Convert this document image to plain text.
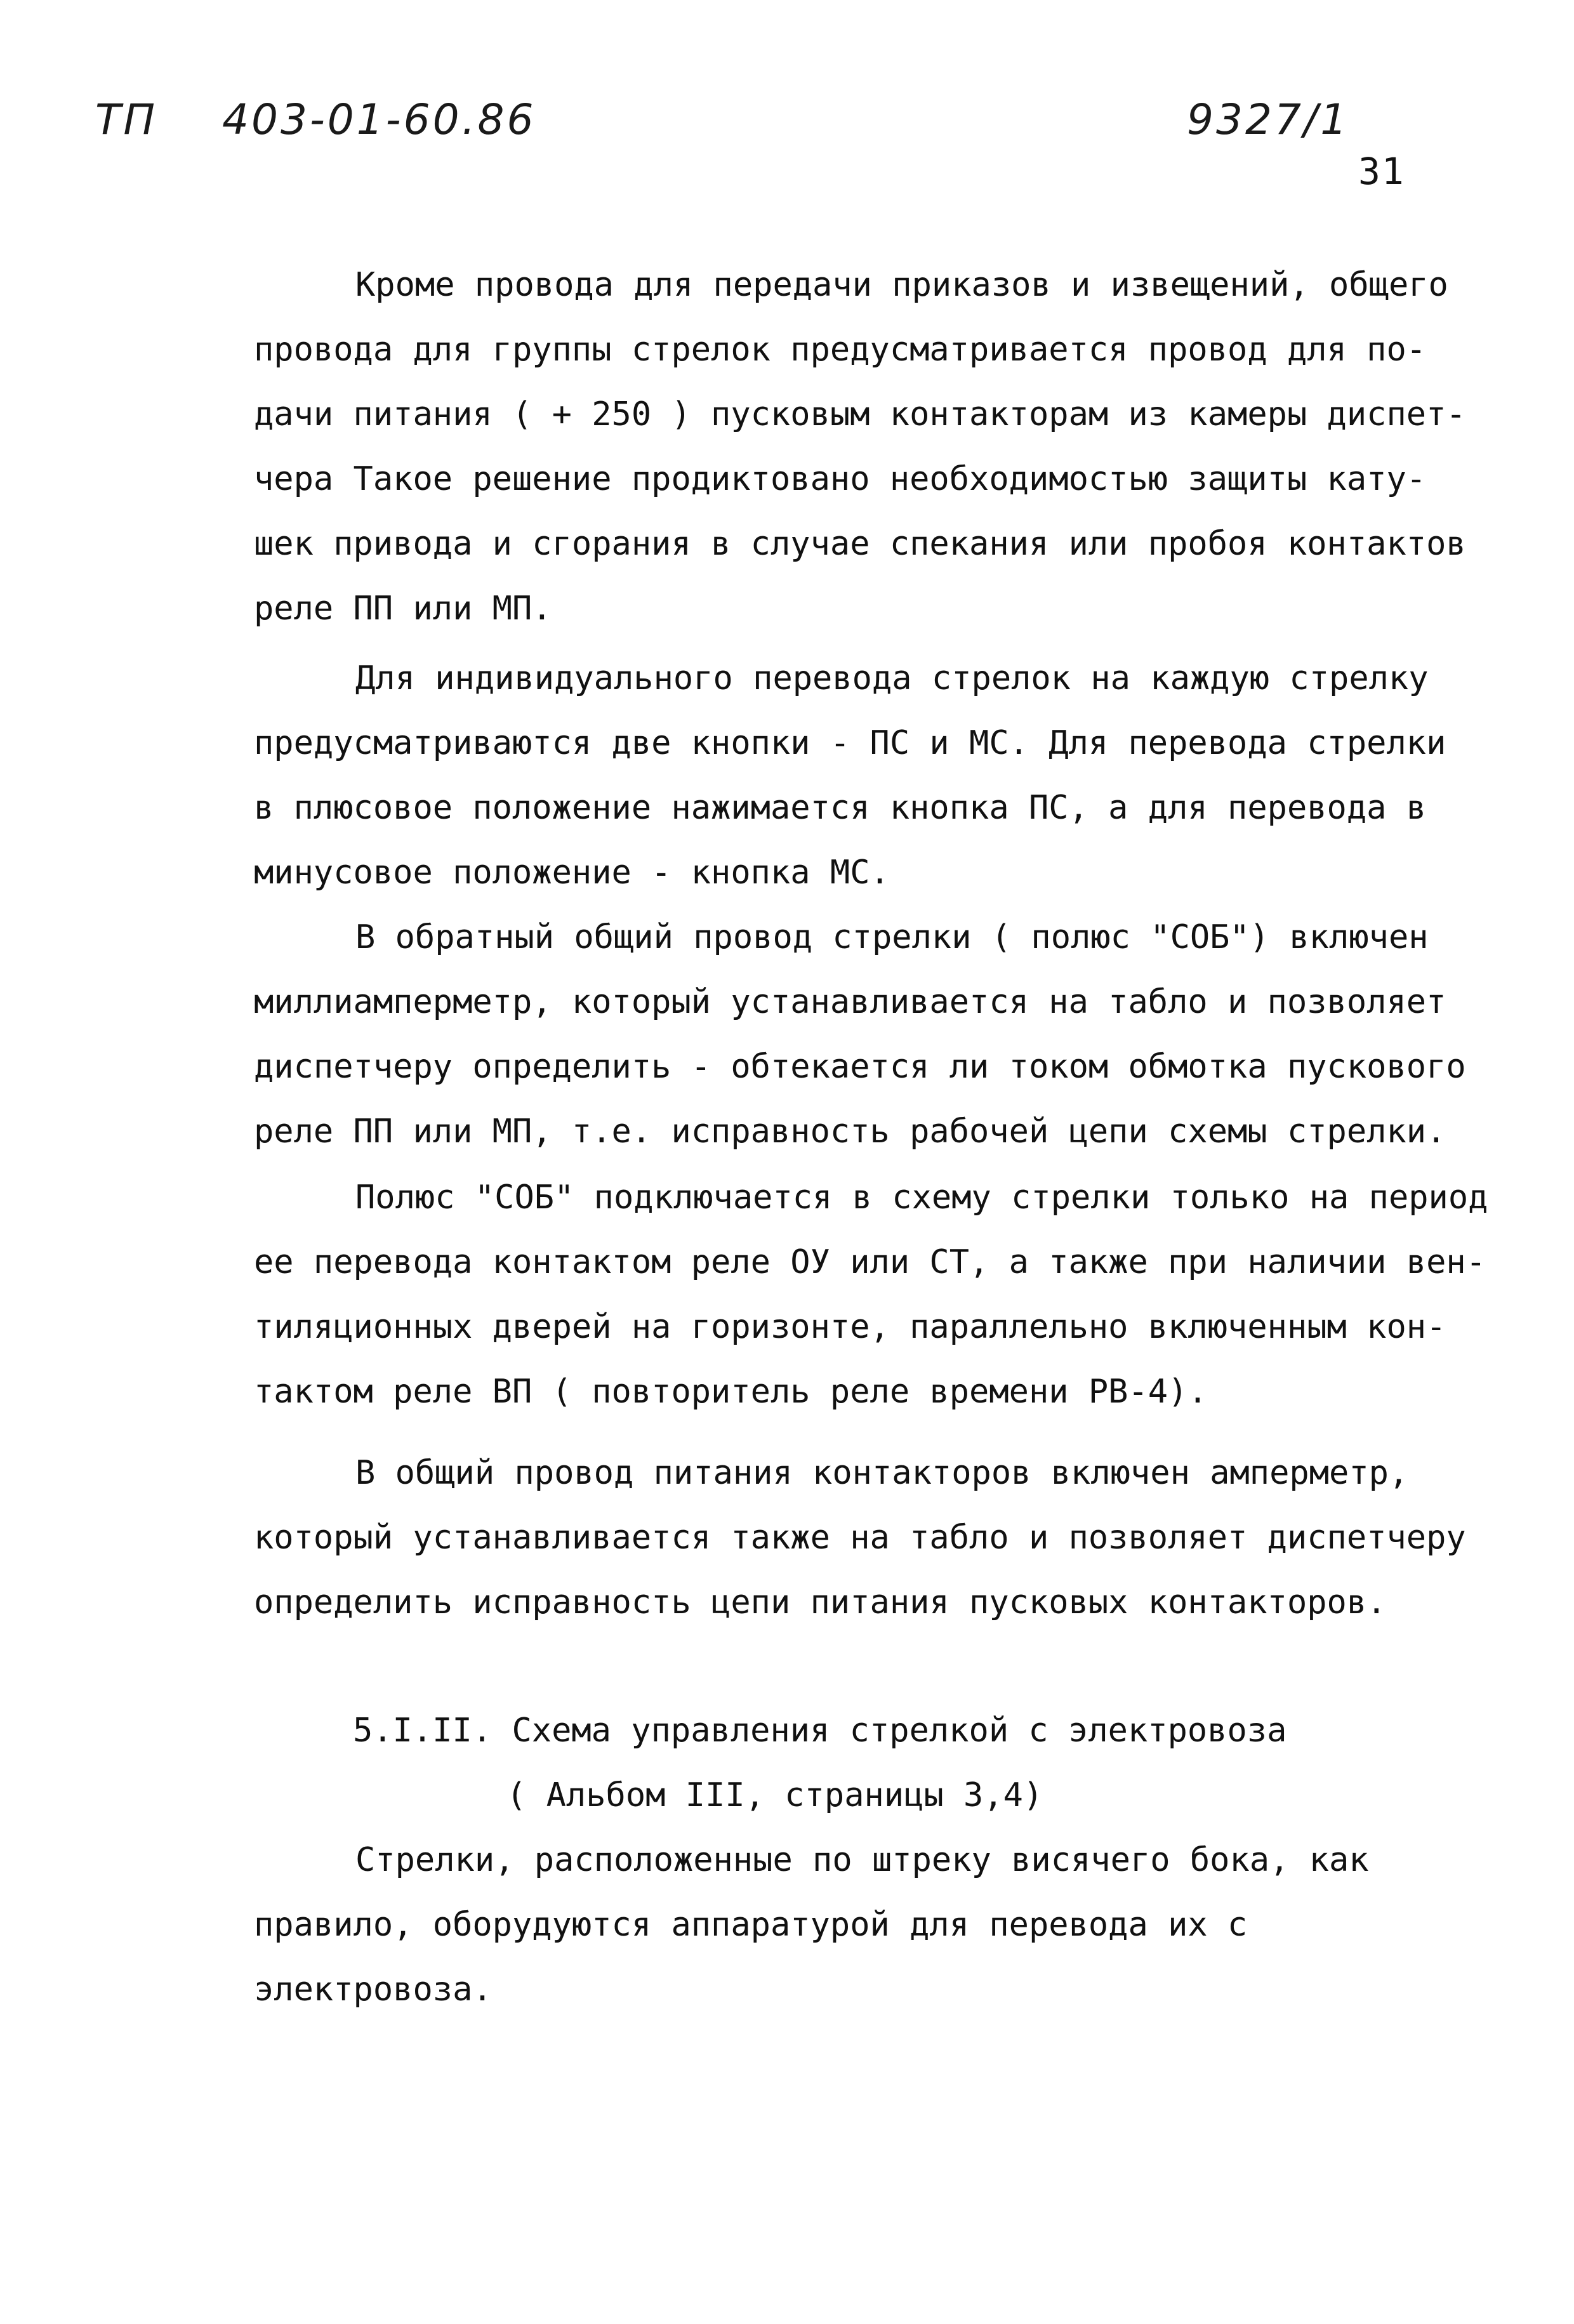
ТП 403-01-60.86	9327/1
31

Кроме провода для передачи приказов и извещений, общего
провода для группы стрелок предусматривается провод для по-
дачи питания ( + 250 ) пусковым контакторам из камеры диспет-
чера Такое решение продиктовано необходимостью защиты кату-
шек привода и сгорания в случае спекания или пробоя контактов
реле ПП или МП.

Для индивидуального перевода стрелок на каждую стрелку
предусматриваются две кнопки - ПС и МС. Для перевода стрелки
в плюсовое положение нажимается кнопка ПС, а для перевода в
минусовое положение - кнопка МС.

В обратный общий провод стрелки ( полюс "СОБ") включен
миллиамперметр, который устанавливается на табло и позволяет
диспетчеру определить - обтекается ли током обмотка пускового
реле ПП или МП, т.е. исправность рабочей цепи схемы стрелки.

Полюс "СОБ" подключается в схему стрелки только на период
ее перевода контактом реле ОУ или СТ, а также при наличии вен-
тиляционных дверей на горизонте, параллельно включенным кон-
тактом реле ВП ( повторитель реле времени РВ-4).

В общий провод питания контакторов включен амперметр,
который устанавливается также на табло и позволяет диспетчеру
определить исправность цепи питания пусковых контакторов.

5.I.II. Схема управления стрелкой с электровоза
( Альбом III, страницы 3,4)

Стрелки, расположенные по штреку висячего бока, как
правило, оборудуются аппаратурой для перевода их с электровоза.
